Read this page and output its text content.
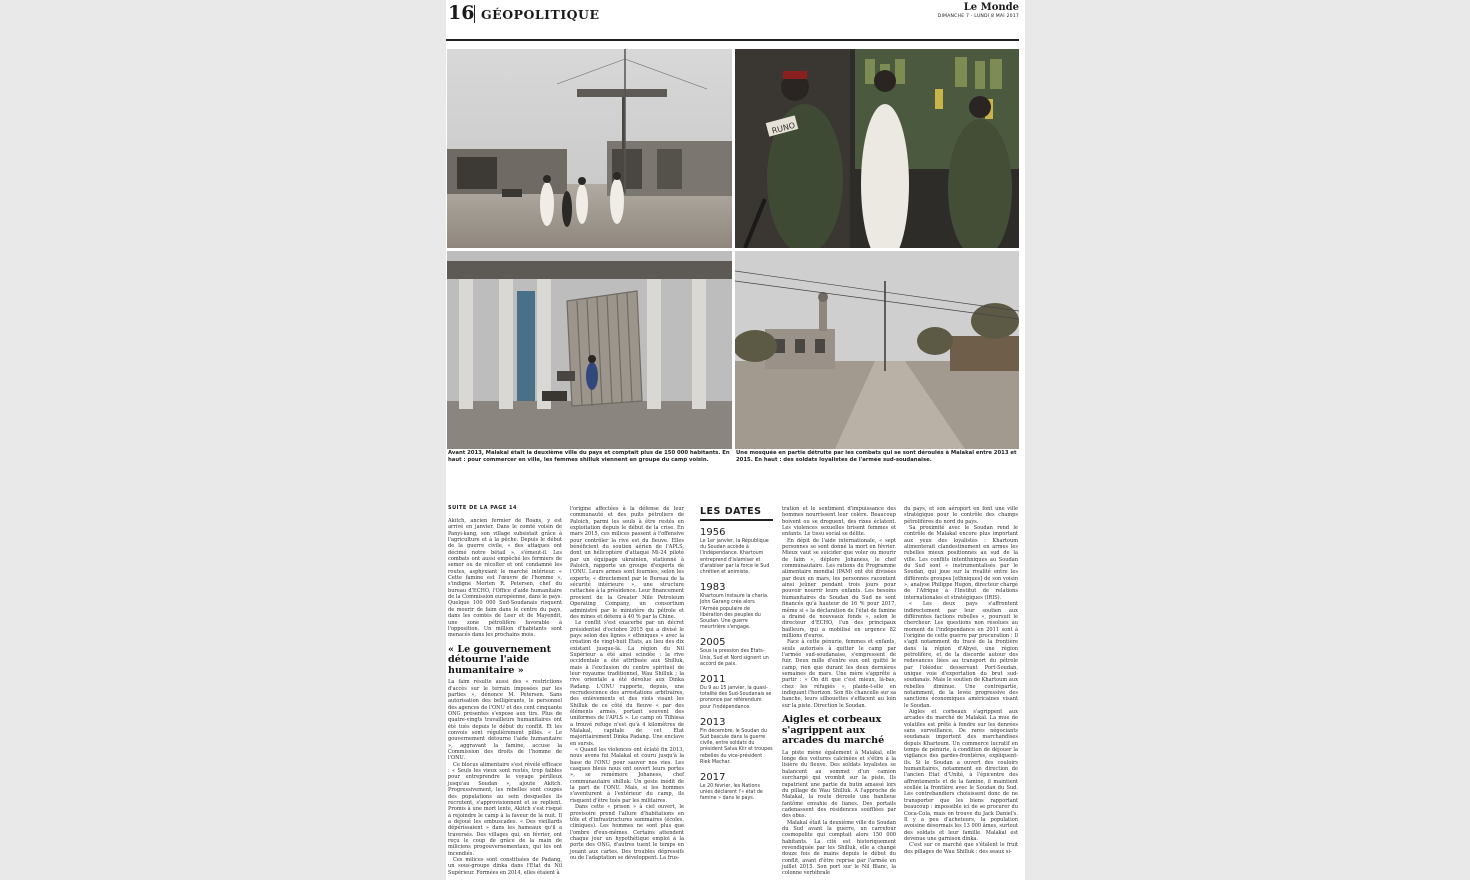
16 GÉOPOLITIQUE	Le Monde
DIMANCHE 7 - LUNDI 8 MAI 2017
RUNO
Avant 2013, Malakal était la deuxième ville du pays et comptait plus de 150 000 habitants. En haut : pour commercer en ville, les femmes shilluk viennent en groupe du camp voisin.
Une mosquée en partie détruite par les combats qui se sont déroulés à Malakal entre 2013 et 2015. En haut : des soldats loyalistes de l'armée sud-soudanaise.
SUITE DE LA PAGE 14

Akitch, ancien fermier de Roans, y est arrivé en janvier. Dans le comté voisin de Panyi-kang, son village subsistait grâce à l'agriculture et à la pêche. Depuis le début de la guerre civile, « des attaques ont décimé notre bétail », s'émeut-il. Les combats ont aussi empêché les fermiers de semer ou de récolter et ont condamné les routes, asphyxiant le marché intérieur. « Cette famine est l'œuvre de l'homme », s'indigne Morten R. Petersen, chef du bureau d'ECHO, l'Office d'aide humanitaire de la Commission européenne, dans le pays. Quelque 100 000 Sud-Soudanais risquent de mourir de faim dans le centre du pays, dans les comtés de Leer et de Mayendit, une zone pétrolifère favorable à l'opposition. Un million d'habitants sont menacés dans les prochains mois.

« Le gouvernement détourne l'aide humanitaire »

La faim résulte aussi des « restrictions d'accès sur le terrain imposées par les parties », dénonce M. Petersen. Sans autorisation des belligérants, le personnel des agences de l'ONU et des cent cinquante ONG présentes s'expose aux tirs. Plus de quatre-vingts travailleurs humanitaires ont été tués depuis le début du conflit. Et les convois sont régulièrement pillés. « Le gouvernement détourne l'aide humanitaire », aggravant la famine, accuse la Commission des droits de l'homme de l'ONU.

Ce blocus alimentaire s'est révélé efficace : « Seuls les vieux sont restés, trop faibles pour entreprendre le voyage périlleux jusqu'au Soudan », ajoute Akitch. Progressivement, les rebelles sont coupés des populations au sein desquelles ils recrutent, s'approvisionnent et se replient. Promis à une mort lente, Akitch s'est risqué à rejoindre le camp à la faveur de la nuit. Il a déjoué les embuscades. « Des vieillards dépérissaient » dans les hameaux qu'il a traversés. Des villages qui, en février, ont reçu le coup de grâce de la main de miliciens progouvernementaux, qui les ont incendiés.

Ces milices sont constituées de Padang, un sous-groupe dinka dans l'Etat du Nil Supérieur. Formées en 2014, elles étaient à

l'origine affectées à la défense de leur communauté et des puits pétroliers de Paloich, parmi les seuls à être restés en exploitation depuis le début de la crise. En mars 2015, ces milices passent à l'offensive pour contrôler la rive est du fleuve. Elles bénéficient du soutien aérien de l'APLS, dont un hélicoptère d'attaque Mi-24 piloté par un équipage ukrainien, stationné à Paloich, rapporte un groupe d'experts de l'ONU. Leurs armes sont fournies, selon les experts, « directement par le Bureau de la sécurité intérieure », une structure rattachée à la présidence. Leur financement provient de la Greater Nile Petroleum Operating Company, un consortium administré par le ministère du pétrole et des mines et détenu à 40 % par la Chine.

Le conflit s'est exacerbé par un décret présidentiel d'octobre 2015 qui a divisé le pays selon des lignes « ethniques » avec la création de vingt-huit Etats, au lieu des dix existant jusque-là. La région du Nil Supérieur a été ainsi scindée : la rive occidentale a été attribuée aux Shilluk, mais à l'exclusion du centre spirituel de leur royaume traditionnel, Wau Shilluk ; la rive orientale a été dévolue aux Dinka Padang. L'ONU rapporte, depuis, une recrudescence des arrestations arbitraires, des enlèvements et des viols visant les Shilluk de ce côté du fleuve « par des éléments armés, portant souvent des uniformes de l'APLS ». Le camp où Tilhissa a trouvé refuge n'est qu'à 4 kilomètres de Malakal, capitale de cet Etat majoritairement Dinka Padang. Une enclave en sursis.

« Quand les violences ont éclaté fin 2013, nous avons fui Malakal et couru jusqu'à la base de l'ONU pour sauver nos vies. Les casques bleus nous ont ouvert leurs portes », se remémore Johaness, chef communautaire shilluk. Un geste inédit de la part de l'ONU. Mais, si les hommes s'aventurent à l'extérieur du camp, ils risquent d'être tués par les militaires.

Dans cette « prison » à ciel ouvert, le provisoire prend l'allure d'habitations en tôle et d'infrastructures sommaires (écoles, cliniques). Les hommes ne sont plus que l'ombre d'eux-mêmes. Certains attendent chaque jour un hypothétique emploi à la porte des ONG, d'autres tuent le temps en jouant aux cartes. Des troubles dépressifs ou de l'adaptation se développent. La frus-

LES DATES
1956
Le 1er janvier, la République du Soudan accède à l'indépendance. Khartoum entreprend d'islamiser et d'arabiser par la force le Sud chrétien et animiste.
1983
Khartoum instaure la charia. John Garang crée alors l'Armée populaire de libération des peuples du Soudan. Une guerre meurtrière s'engage.
2005
Sous la pression des Etats-Unis, Sud et Nord signent un accord de paix.
2011
Du 9 au 15 janvier, la quasi-totalité des Sud-Soudanais se prononce par référendum pour l'indépendance.
2013
Fin décembre, le Soudan du Sud bascule dans la guerre civile, entre soldats du président Salva Kiir et troupes rebelles du vice-président Riek Machar.
2017
Le 20 février, les Nations unies déclarent l'« état de famine » dans le pays.

tration et le sentiment d'impuissance des hommes nourrissent leur colère. Beaucoup boivent ou se droguent, des rixes éclatent. Les violences sexuelles brisent femmes et enfants. Le tissu social se délite.

En dépit de l'aide internationale, « sept personnes se sont donné la mort en février. Mieux vaut se suicider que voler ou mourir de faim », déplore Johaness, le chef communautaire. Les rations du Programme alimentaire mondial (PAM) ont été divisées par deux en mars, les personnes racontent ainsi jeûner pendant trois jours pour pouvoir nourrir leurs enfants. Les besoins humanitaires du Soudan du Sud ne sont financés qu'à hauteur de 16 % pour 2017, même si « la déclaration de l'état de famine a drainé de nouveaux fonds », selon le directeur d'ECHO, l'un des principaux bailleurs, qui a mobilisé en urgence 82 millions d'euros.

Face à cette pénurie, femmes et enfants, seuls autorisés à quitter le camp par l'armée sud-soudanaise, s'empressent de fuir. Deux mille d'entre eux ont quitté le camp, rien que durant les deux dernières semaines de mars. Une mère s'apprête à partir : « On dit que c'est mieux, là-bas, chez les réfugiés », plaide-t-elle en indiquant l'horizon. Son fils chancelle sur sa hanche, leurs silhouettes s'effacent au loin sur la piste. Direction le Soudan.

Aigles et corbeaux s'agrippent aux arcades du marché

La piste mène également à Malakal, elle longe des voitures calcinées et s'étire à la lisière du fleuve. Des soldats loyalistes se balancent au sommet d'un camion surchargé qui vrombit sur la piste. Ils rapatrient une partie du butin amassé lors du pillage de Wau Shilluk. A l'approche de Malakal, la route déroule une banlieue fantôme envahie de lianes. Des portails cadenassent des résidences soufflées par des obus.

Malakal était la deuxième ville du Soudan du Sud avant la guerre, un carrefour cosmopolite qui comptait alors 150 000 habitants. La cité est historiquement revendiquée par les Shilluk, elle a changé douze fois de mains depuis le début du conflit, avant d'être reprise par l'armée en juillet 2015. Son port sur le Nil Blanc, la colonne vertébrale

du pays, et son aéroport en font une ville stratégique pour le contrôle des champs pétrolifères du nord du pays.

Sa proximité avec le Soudan rend le contrôle de Malakal encore plus important aux yeux des loyalistes : Khartoum alimenterait clandestinement en armes les rebelles mieux positionnés au sud de la ville. Les conflits intenthniques au Soudan du Sud sont « instrumentalisés par le Soudan, qui joue sur la rivalité entre les différents groupes [ethniques] de son voisin », analyse Philippe Hugon, directeur chargé de l'Afrique à l'Institut de relations internationales et stratégiques (IRIS).

« Les deux pays s'affrontent indirectement par leur soutien aux différentes factions rebelles », poursuit le chercheur. Les questions non résolues au moment de l'indépendance en 2011 sont à l'origine de cette guerre par procuration : Il s'agit notamment du tracé de la frontière dans la région d'Abyei, une région pétrolifère, et de la discorde autour des redevances liées au transport du pétrole par l'oléoduc desservant Port-Soudan, unique voie d'exportation du brut sud-soudanais. Mais le soutien de Khartoum aux rebelles diminue. Une contrepartie, notamment, de la levée progressive des sanctions économiques américaines visant le Soudan.

Aigles et corbeaux s'agrippent aux arcades du marché de Malakal. La mue de volatiles est prête à fondre sur les denrées sans surveillance. De rares négociants soudanais importent des marchandises depuis Khartoum. Un commerce lucratif en temps de pénurie, à condition de déjouer la vigilance des gardes-frontières, expliquent-ils. Si le Soudan a ouvert des couloirs humanitaires, notamment en direction de l'ancien Etat d'Unité, à l'épicentre des affrontements et de la famine, il maintient scellée la frontière avec le Soudan du Sud. Les contrebandiers choisissent donc de ne transporter que les biens rapportant beaucoup : impossible ici de se procurer du Coca-Cola, mais on trouve du Jack Daniel's. Il y a peu d'acheteurs, la population avoisine désormais les 13 000 âmes, surtout des soldats et leur famille. Malakal est devenue une garnison dinka.

C'est sur ce marché que s'étalent le fruit des pillages de Wau Shilluk : des seaux si-
